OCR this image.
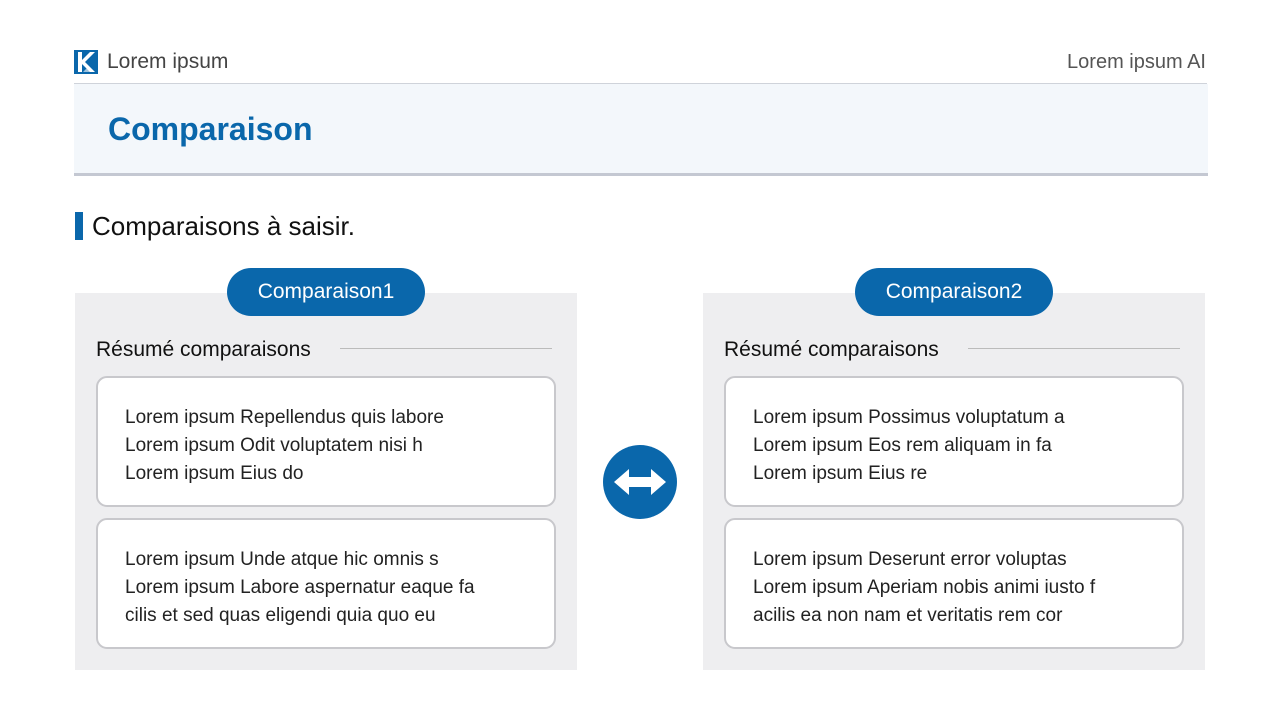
Lorem ipsum	Lorem ipsum AI
Comparaison
Comparaisons à saisir.
Comparaison1
Résumé comparaisons
Lorem ipsum Repellendus quis labore
Lorem ipsum Odit voluptatem nisi h
Lorem ipsum Eius do
Lorem ipsum Unde atque hic omnis s
Lorem ipsum Labore aspernatur eaque fa
cilis et sed quas eligendi quia quo eu
Comparaison2
Résumé comparaisons
Lorem ipsum Possimus voluptatum a
Lorem ipsum Eos rem aliquam in fa
Lorem ipsum Eius re
Lorem ipsum Deserunt error voluptas
Lorem ipsum Aperiam nobis animi iusto f
acilis ea non nam et veritatis rem cor
